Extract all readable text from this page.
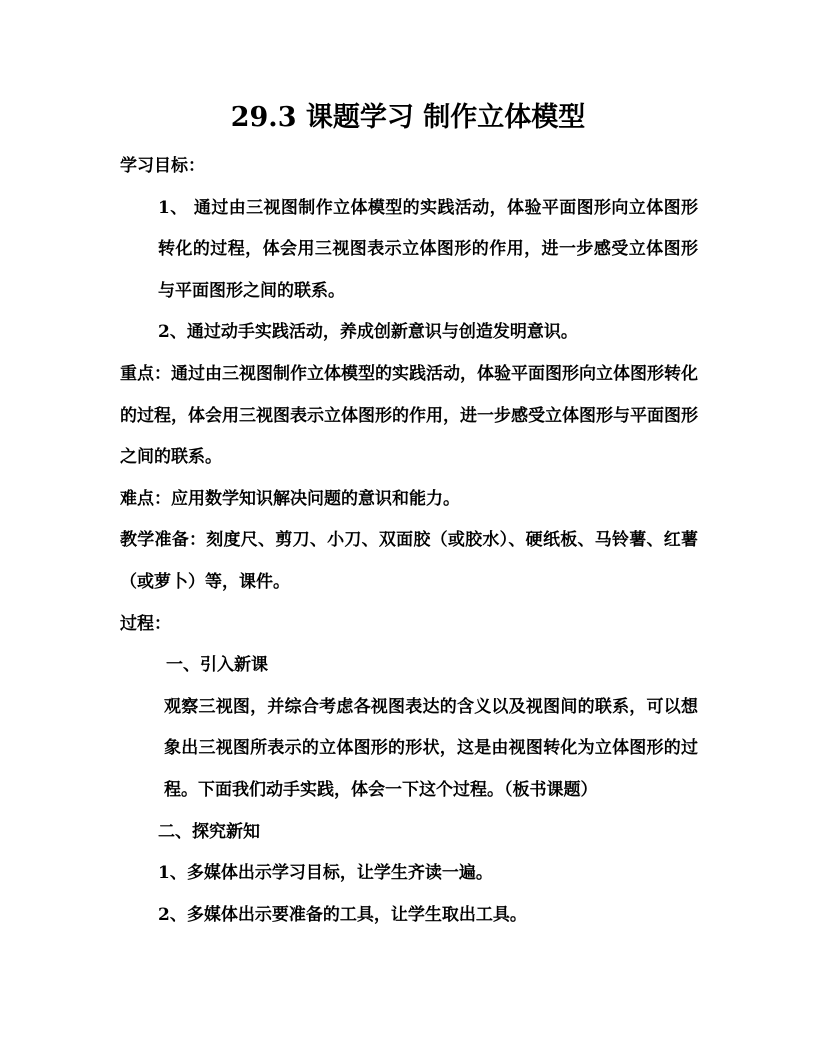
29.3 课题学习 制作立体模型

学习目标：

1、 通过由三视图制作立体模型的实践活动，体验平面图形向立体图形转化的过程，体会用三视图表示立体图形的作用，进一步感受立体图形与平面图形之间的联系。

2、通过动手实践活动，养成创新意识与创造发明意识。

重点：通过由三视图制作立体模型的实践活动，体验平面图形向立体图形转化的过程，体会用三视图表示立体图形的作用，进一步感受立体图形与平面图形之间的联系。

难点：应用数学知识解决问题的意识和能力。

教学准备：刻度尺、剪刀、小刀、双面胶（或胶水）、硬纸板、马铃薯、红薯（或萝卜）等，课件。

过程：

一、引入新课

观察三视图，并综合考虑各视图表达的含义以及视图间的联系，可以想象出三视图所表示的立体图形的形状，这是由视图转化为立体图形的过程。下面我们动手实践，体会一下这个过程。（板书课题）

二、探究新知

1、多媒体出示学习目标，让学生齐读一遍。

2、多媒体出示要准备的工具，让学生取出工具。
